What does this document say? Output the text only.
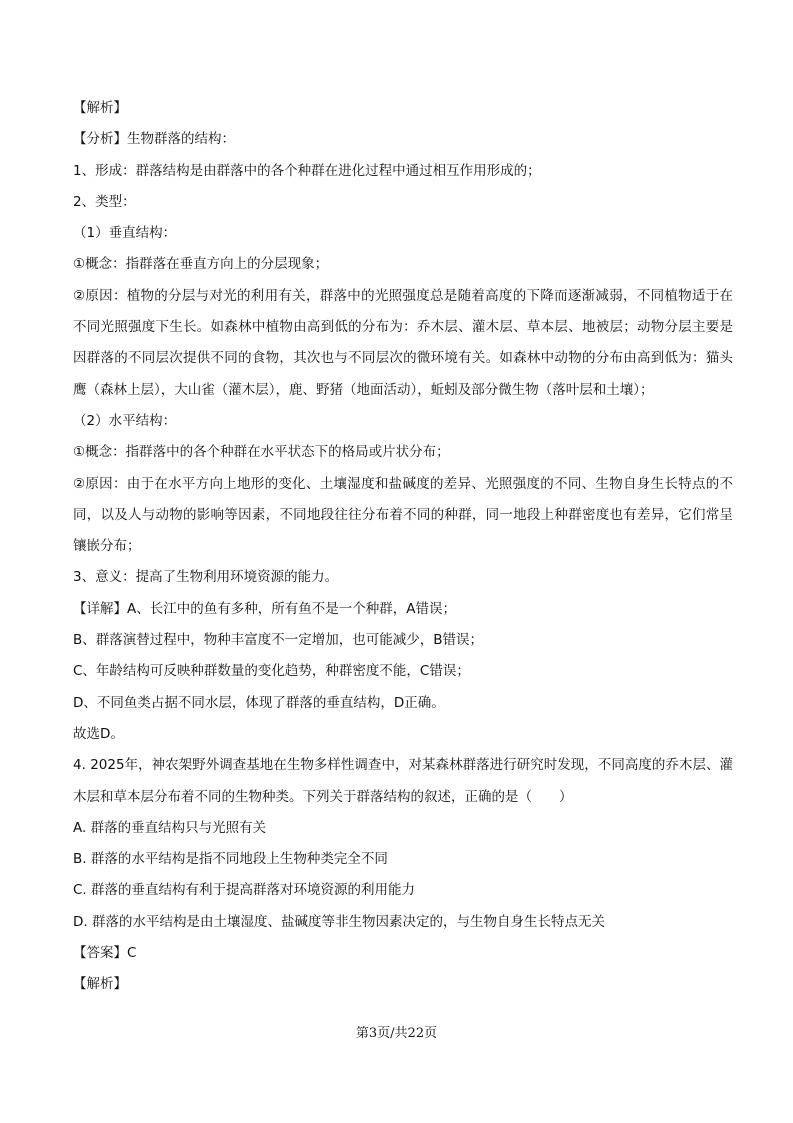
【解析】
【分析】生物群落的结构：
1、形成：群落结构是由群落中的各个种群在进化过程中通过相互作用形成的；
2、类型：
（1）垂直结构：
①概念：指群落在垂直方向上的分层现象；
②原因：植物的分层与对光的利用有关，群落中的光照强度总是随着高度的下降而逐渐减弱，不同植物适于在不同光照强度下生长。如森林中植物由高到低的分布为：乔木层、灌木层、草本层、地被层；动物分层主要是因群落的不同层次提供不同的食物，其次也与不同层次的微环境有关。如森林中动物的分布由高到低为：猫头鹰（森林上层），大山雀（灌木层），鹿、野猪（地面活动），蚯蚓及部分微生物（落叶层和土壤）；
（2）水平结构：
①概念：指群落中的各个种群在水平状态下的格局或片状分布；
②原因：由于在水平方向上地形的变化、土壤湿度和盐碱度的差异、光照强度的不同、生物自身生长特点的不同，以及人与动物的影响等因素，不同地段往往分布着不同的种群，同一地段上种群密度也有差异，它们常呈镶嵌分布；
3、意义：提高了生物利用环境资源的能力。
【详解】A、长江中的鱼有多种，所有鱼不是一个种群，A错误；
B、群落演替过程中，物种丰富度不一定增加，也可能减少，B错误；
C、年龄结构可反映种群数量的变化趋势，种群密度不能，C错误；
D、不同鱼类占据不同水层，体现了群落的垂直结构，D正确。
故选D。
4. 2025年，神农架野外调查基地在生物多样性调查中，对某森林群落进行研究时发现，不同高度的乔木层、灌木层和草本层分布着不同的生物种类。下列关于群落结构的叙述，正确的是（　　）
A. 群落的垂直结构只与光照有关
B. 群落的水平结构是指不同地段上生物种类完全不同
C. 群落的垂直结构有利于提高群落对环境资源的利用能力
D. 群落的水平结构是由土壤湿度、盐碱度等非生物因素决定的，与生物自身生长特点无关
【答案】C
【解析】
第3页/共22页
